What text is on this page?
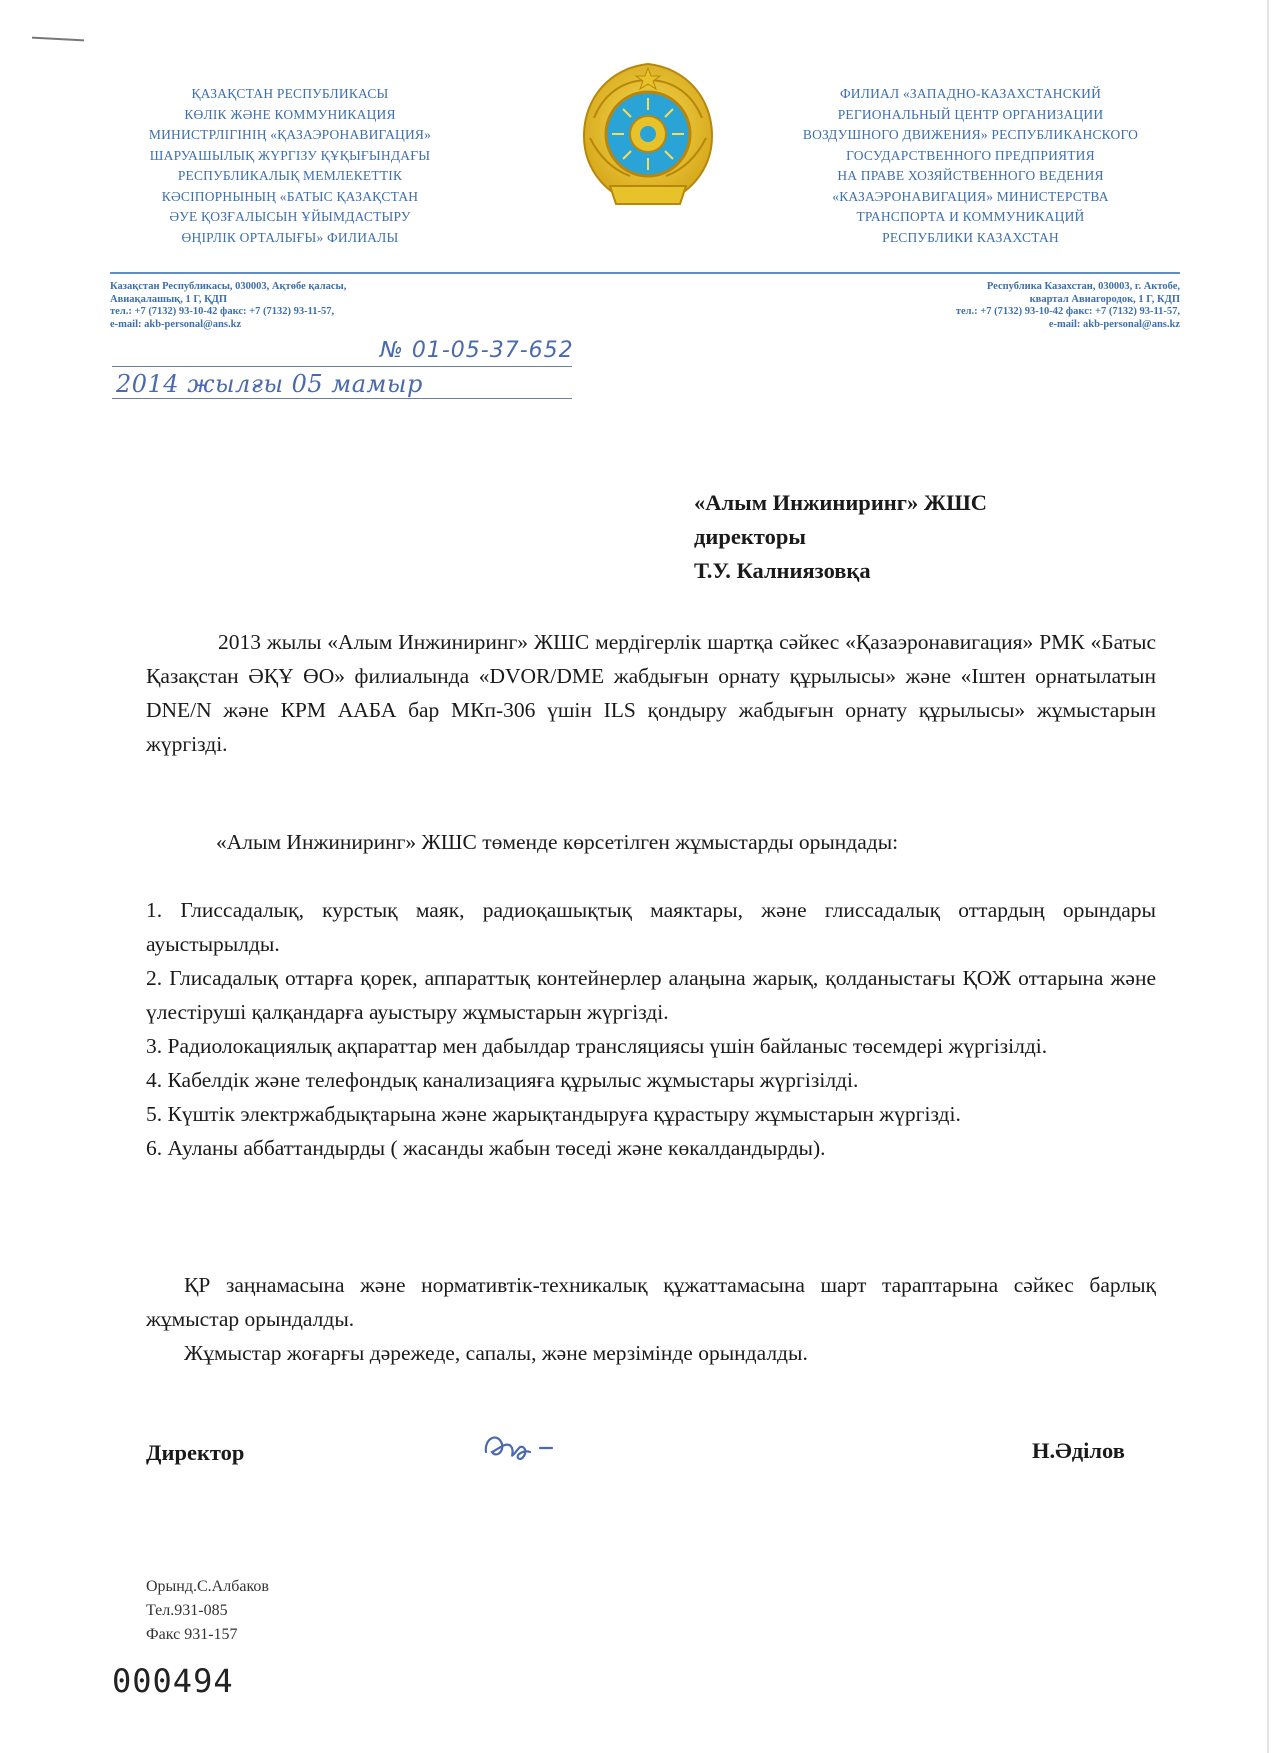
ҚАЗАҚСТАН РЕСПУБЛИКАСЫ
КӨЛІК ЖӘНЕ КОММУНИКАЦИЯ
МИНИСТРЛІГІНІҢ «ҚАЗАЭРОНАВИГАЦИЯ»
ШАРУАШЫЛЫҚ ЖҮРГІЗУ ҚҰҚЫҒЫНДАҒЫ
РЕСПУБЛИКАЛЫҚ МЕМЛЕКЕТТІК
КӘСІПОРНЫНЫҢ «БАТЫС ҚАЗАҚСТАН
ӘУЕ ҚОЗҒАЛЫСЫН ҰЙЫМДАСТЫРУ
ӨҢІРЛІК ОРТАЛЫҒЫ» ФИЛИАЛЫ
ФИЛИАЛ «ЗАПАДНО-КАЗАХСТАНСКИЙ
РЕГИОНАЛЬНЫЙ ЦЕНТР ОРГАНИЗАЦИИ
ВОЗДУШНОГО ДВИЖЕНИЯ» РЕСПУБЛИКАНСКОГО
ГОСУДАРСТВЕННОГО ПРЕДПРИЯТИЯ
НА ПРАВЕ ХОЗЯЙСТВЕННОГО ВЕДЕНИЯ
«КАЗАЭРОНАВИГАЦИЯ» МИНИСТЕРСТВА
ТРАНСПОРТА И КОММУНИКАЦИЙ
РЕСПУБЛИКИ КАЗАХСТАН
Казақстан Республикасы, 030003, Ақтөбе қаласы,
Авиақалашық, 1 Г, ҚДП
тел.: +7 (7132) 93-10-42 факс: +7 (7132) 93-11-57,
e-mail: akb-personal@ans.kz
Республика Казахстан, 030003, г. Актобе,
квартал Авиагородок, 1 Г, КДП
тел.: +7 (7132) 93-10-42 факс: +7 (7132) 93-11-57,
e-mail: akb-personal@ans.kz
№ 01-05-37-652
2014 жылғы 05 мамыр
«Алым Инжиниринг» ЖШС
директоры
Т.У. Калниязовқа
2013 жылы «Алым Инжиниринг» ЖШС мердігерлік шартқа сәйкес «Қазаэронавигация» РМК «Батыс Қазақстан ӘҚҰ ӨО» филиалында «DVOR/DME жабдығын орнату құрылысы» және «Іштен орнатылатын DNE/N және КРМ ААБА бар МКп-306 үшін ILS қондыру жабдығын орнату құрылысы» жұмыстарын жүргізді.
«Алым Инжиниринг» ЖШС төменде көрсетілген жұмыстарды орындады:
1. Глиссадалық, курстық маяк, радиоқашықтық маяктары, және глиссадалық оттардың орындары ауыстырылды.
2. Глисадалық оттарға қорек, аппараттық контейнерлер алаңына жарық, қолданыстағы ҚОЖ оттарына және үлестіруші қалқандарға ауыстыру жұмыстарын жүргізді.
3. Радиолокациялық ақпараттар мен дабылдар трансляциясы үшін байланыс төсемдері жүргізілді.
4. Кабелдік және телефондық канализацияға құрылыс жұмыстары жүргізілді.
5. Күштік электржабдықтарына және жарықтандыруға құрастыру жұмыстарын жүргізді.
6. Ауланы аббаттандырды ( жасанды жабын төседі және көкалдандырды).
ҚР заңнамасына және нормативтік-техникалық құжаттамасына шарт тараптарына сәйкес барлық жұмыстар орындалды.
Жұмыстар жоғарғы дәрежеде, сапалы, және мерзімінде орындалды.
Директор	Н.Әділов
Орынд.С.Албаков
Тел.931-085
Факс 931-157
000494
